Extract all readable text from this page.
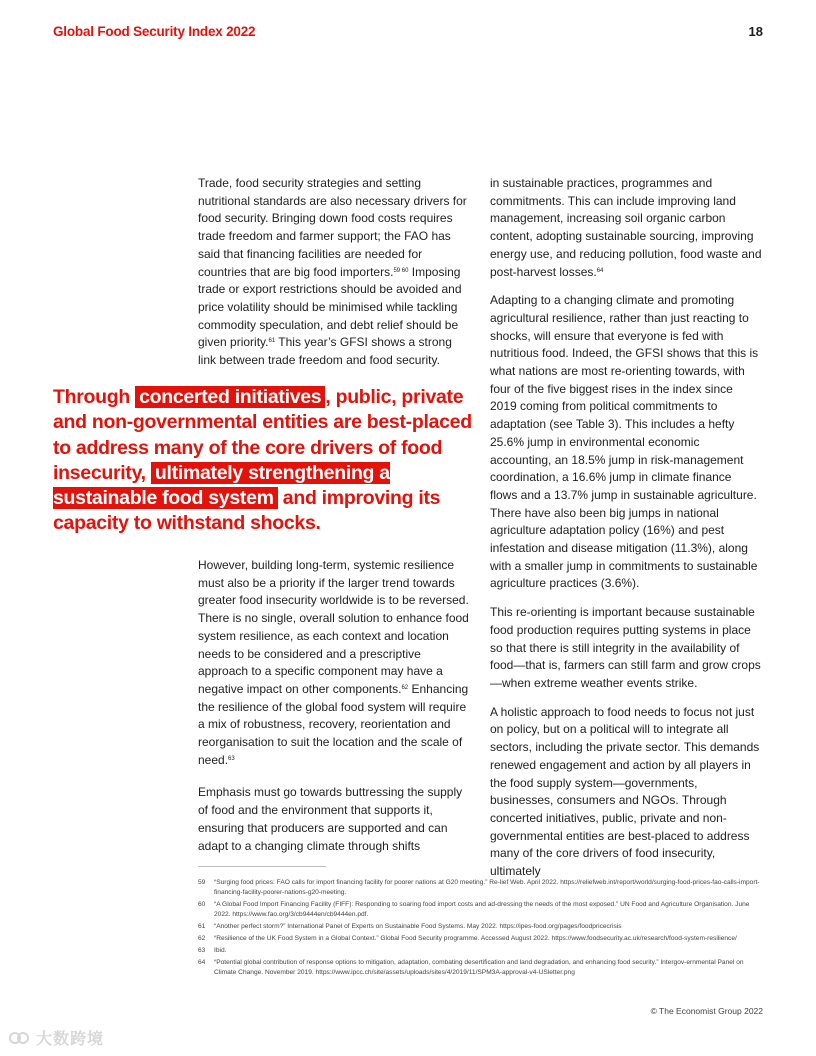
Global Food Security Index 2022	18

Trade, food security strategies and setting nutritional standards are also necessary drivers for food security. Bringing down food costs requires trade freedom and farmer support; the FAO has said that financing facilities are needed for countries that are big food importers.$^{59 60}$ Imposing trade or export restrictions should be avoided and price volatility should be minimised while tackling commodity speculation, and debt relief should be given priority.$^{61}$ This year’s GFSI shows a strong link between trade freedom and food security.

Through concerted initiatives , public, private and non-governmental entities are best-placed to address many of the core drivers of food insecurity, ultimately strengthening a sustainable food system and improving its capacity to withstand shocks.

However, building long-term, systemic resilience must also be a priority if the larger trend towards greater food insecurity worldwide is to be reversed. There is no single, overall solution to enhance food system resilience, as each context and location needs to be considered and a prescriptive approach to a specific component may have a negative impact on other components.$^{62}$ Enhancing the resilience of the global food system will require a mix of robustness, recovery, reorientation and reorganisation to suit the location and the scale of need.$^{63}$

Emphasis must go towards buttressing the supply of food and the environment that supports it, ensuring that producers are supported and can adapt to a changing climate through shifts

in sustainable practices, programmes and commitments. This can include improving land management, increasing soil organic carbon content, adopting sustainable sourcing, improving energy use, and reducing pollution, food waste and post-harvest losses.$^{64}$

Adapting to a changing climate and promoting agricultural resilience, rather than just reacting to shocks, will ensure that everyone is fed with nutritious food. Indeed, the GFSI shows that this is what nations are most re-orienting towards, with four of the five biggest rises in the index since 2019 coming from political commitments to adaptation (see Table 3). This includes a hefty 25.6% jump in environmental economic accounting, an 18.5% jump in risk-management coordination, a 16.6% jump in climate finance flows and a 13.7% jump in sustainable agriculture. There have also been big jumps in national agriculture adaptation policy (16%) and pest infestation and disease mitigation (11.3%), along with a smaller jump in commitments to sustainable agriculture practices (3.6%).

This re-orienting is important because sustainable food production requires putting systems in place so that there is still integrity in the availability of food—that is, farmers can still farm and grow crops—when extreme weather events strike.

A holistic approach to food needs to focus not just on policy, but on a political will to integrate all sectors, including the private sector. This demands renewed engagement and action by all players in the food supply system—governments, businesses, consumers and NGOs. Through concerted initiatives, public, private and non-governmental entities are best-placed to address many of the core drivers of food insecurity, ultimately

59	“Surging food prices: FAO calls for import financing facility for poorer nations at G20 meeting.” Re-lief Web. April 2022. https://reliefweb.int/report/world/surging-food-prices-fao-calls-import-financing-facility-poorer-nations-g20-meeting.
60	“A Global Food Import Financing Facility (FIFF): Responding to soaring food import costs and ad-dressing the needs of the most exposed.” UN Food and Agriculture Organisation. June 2022. https://www.fao.org/3/cb9444en/cb9444en.pdf.
61	“Another perfect storm?” International Panel of Experts on Sustainable Food Systems. May 2022. https://ipes-food.org/pages/foodpricecrisis
62	“Resilience of the UK Food System in a Global Context.” Global Food Security programme. Accessed August 2022. https://www.foodsecurity.ac.uk/research/food-system-resilience/
63	Ibid.
64	“Potential global contribution of response options to mitigation, adaptation, combating desertification and land degradation, and enhancing food security.” Intergov-ernmental Panel on Climate Change. November 2019. https://www.ipcc.ch/site/assets/uploads/sites/4/2019/11/SPM3A-approval-v4-USletter.png
© The Economist Group 2022
大数跨境
